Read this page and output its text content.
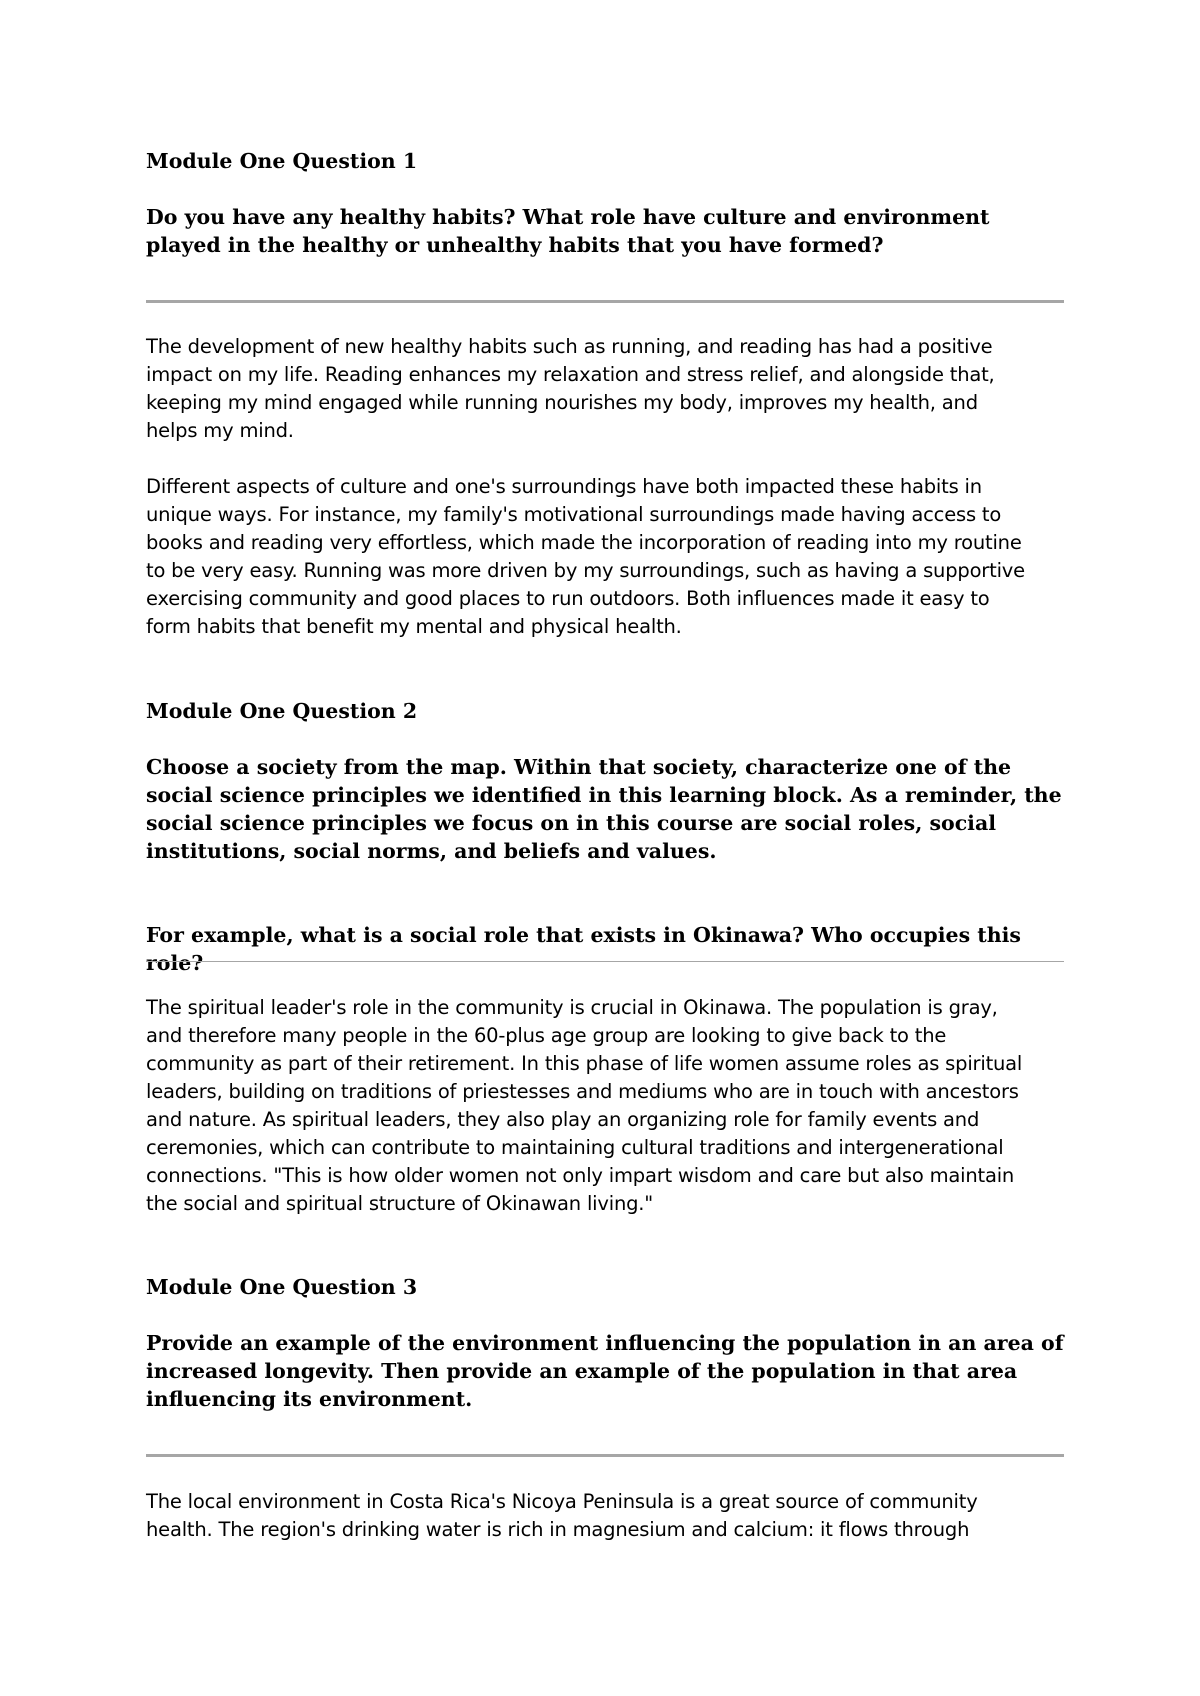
Module One Question 1

Do you have any healthy habits? What role have culture and environment played in the healthy or unhealthy habits that you have formed?

The development of new healthy habits such as running, and reading has had a positive impact on my life. Reading enhances my relaxation and stress relief, and alongside that, keeping my mind engaged while running nourishes my body, improves my health, and helps my mind.

Different aspects of culture and one's surroundings have both impacted these habits in unique ways. For instance, my family's motivational surroundings made having access to books and reading very effortless, which made the incorporation of reading into my routine to be very easy. Running was more driven by my surroundings, such as having a supportive exercising community and good places to run outdoors. Both influences made it easy to form habits that benefit my mental and physical health.

Module One Question 2

Choose a society from the map. Within that society, characterize one of the social science principles we identified in this learning block. As a reminder, the social science principles we focus on in this course are social roles, social institutions, social norms, and beliefs and values.

For example, what is a social role that exists in Okinawa? Who occupies this role?

The spiritual leader's role in the community is crucial in Okinawa. The population is gray, and therefore many people in the 60-plus age group are looking to give back to the community as part of their retirement. In this phase of life women assume roles as spiritual leaders, building on traditions of priestesses and mediums who are in touch with ancestors and nature. As spiritual leaders, they also play an organizing role for family events and ceremonies, which can contribute to maintaining cultural traditions and intergenerational connections. "This is how older women not only impart wisdom and care but also maintain the social and spiritual structure of Okinawan living."

Module One Question 3

Provide an example of the environment influencing the population in an area of increased longevity. Then provide an example of the population in that area influencing its environment.

The local environment in Costa Rica's Nicoya Peninsula is a great source of community health. The region's drinking water is rich in magnesium and calcium: it flows through
